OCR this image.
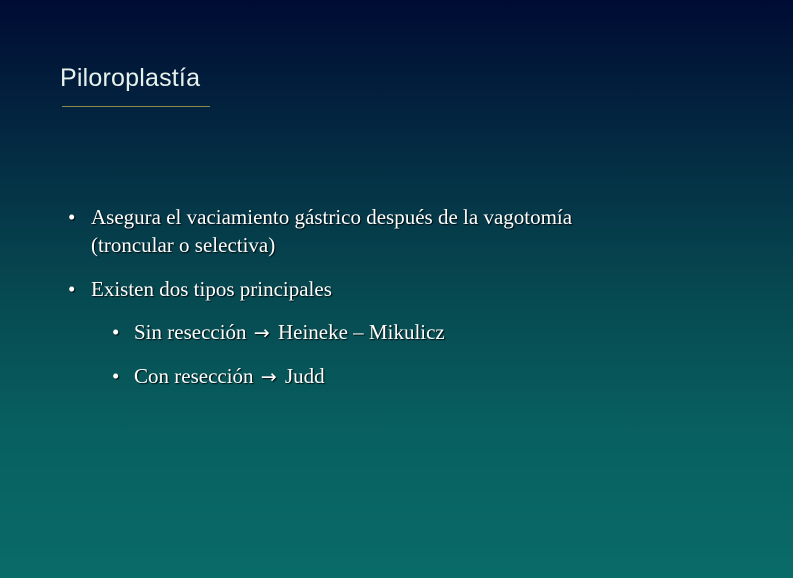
Piloroplastía
• Asegura el vaciamiento gástrico después de la vagotomía (troncular o selectiva)
• Existen dos tipos principales
• Sin resección → Heineke – Mikulicz
• Con resección → Judd
